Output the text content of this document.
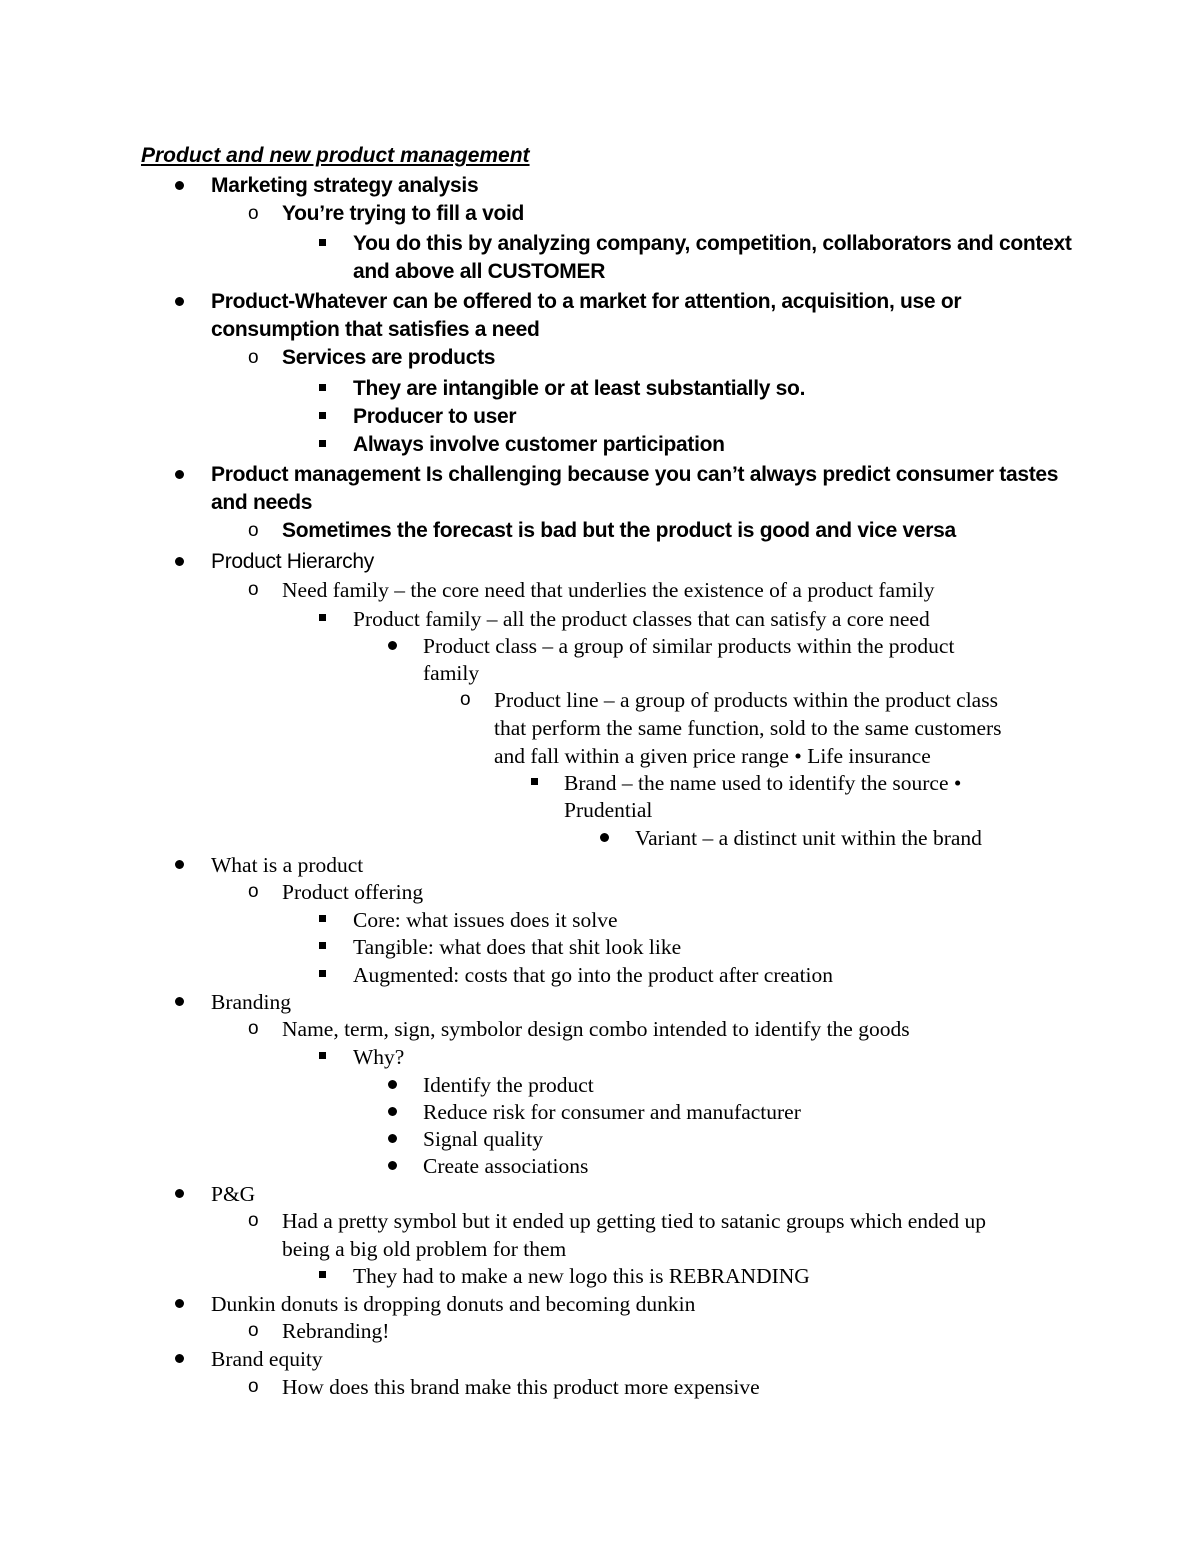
Product and new product management
Marketing strategy analysis
o You’re trying to fill a void
You do this by analyzing company, competition, collaborators and context
and above all CUSTOMER
Product-Whatever can be offered to a market for attention, acquisition, use or
consumption that satisfies a need
o Services are products
They are intangible or at least substantially so.
Producer to user
Always involve customer participation
Product management Is challenging because you can’t always predict consumer tastes
and needs
o Sometimes the forecast is bad but the product is good and vice versa
Product Hierarchy
o Need family – the core need that underlies the existence of a product family
Product family – all the product classes that can satisfy a core need
Product class – a group of similar products within the product
family
o Product line – a group of products within the product class
that perform the same function, sold to the same customers
and fall within a given price range • Life insurance
Brand – the name used to identify the source •
Prudential
Variant – a distinct unit within the brand
What is a product
o Product offering
Core: what issues does it solve
Tangible: what does that shit look like
Augmented: costs that go into the product after creation
Branding
o Name, term, sign, symbolor design combo intended to identify the goods
Why?
Identify the product
Reduce risk for consumer and manufacturer
Signal quality
Create associations
P&G
o Had a pretty symbol but it ended up getting tied to satanic groups which ended up
being a big old problem for them
They had to make a new logo this is REBRANDING
Dunkin donuts is dropping donuts and becoming dunkin
o Rebranding!
Brand equity
o How does this brand make this product more expensive
